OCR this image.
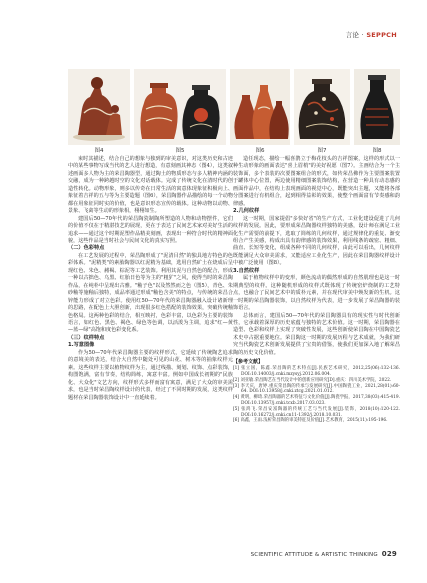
言论 · SEPPCH
图4	图5	图6	图7	图8

束时其描述，结合自己的想象与独到的审美意识，对这类历史和古迹中的某些事物写成当代的艺人进行想造，有意刻画其神态（图4），这类叙述画面多人物为主的荣昌陶器型，通过陶土的物质形态与多人精神内涵的交融，成为一种跨越时空的文化对话载体。完成了传统文化在清时代的创造性转化。动物形象，则多以传奇在日常生活的寓意体现象征积极向上、象征着吉祥的五与等为主要造题（图6），荣昌陶器作品描绘的每一个动物都在用象征同时实的价值，也是意识形态宣传的载体。这种动物以动物、景象、飞禽等生动的形象相，栩栩如生。

建国后50—70年代的荣昌陶瓷制陶所塑造的人物和动物摆件，它们的价值不仅在于精湛技艺的展现，更在于表达了民间艺术家对美好生活的追求——通过这个时期泥塑作品精美刻画，表现出一种符合时代的精神面貌，这些作品是当时社会与民间文化的真实写照。

（二）色彩特点

在工艺发展的过程中，荣昌陶形成了"泥清目然"的独具地方特色的色彩体系。"泥精类"的素胎陶器以红泥精为基础，选用自然矿土在烧成后呈现红色、朱色、赭褐、棕泥等工艺装饰。利用其泥与自然色的配合，形成一种以古拙色、乌黑、红胎日色等为主的"粗犷"之风，使得当时的荣昌陶作品，在纯朴中呈现出古雅。"釉子色"以及然然而之色（图5），青色、朱砂釉等施釉后独特，成品率通过形成"釉色含美"的特点，与传统的荣昌合锌能力形成了对立色彩。使用红50—70年代的荣昌陶器融入设计诸新理的思路，在配色上大胆创新，出现很多红色搭配的装饰效果，突破传统釉色格局。这两种色彩的结合，相互映衬，色彩丰富，以色彩为主要的装饰语言，如红色、黑色、褐色、绿色等色调，以活泼为主调，追求"红—黄—蓝—绿"高饱和度色彩变化系。

（三）纹样特点
1.写意图像

作为50—70年代荣昌陶器主要的纹样形式，它延续了传统陶艺追求的意境美的表达，结合大自然中随处可见的山花、树木等的抽象纹样元素。这些纹样主要以植物纹样为主，通过线描、刻划、纹饰、点彩装饰，构图饱满，富有节奏，结构简练，寓意丰富。例如中国成长初期的"民族化、大众化"文艺方向，纹样形式多样而富有寓意，满足了大众的审美需求，也是当时荣昌陶纹样设计的代表，经过了不同时期的发展，这类纹样题材在荣昌陶器装饰设计中一直延续着。

造任现态，描绘一幅喜鹊立于梅花枝头的吉祥图案，这样的形式以一种生动形象的画面表达"喜上眉梢"的美好祝愿（图7）。主画结合为一个主装饰面，多个表装的次要图案组合的形式，如传荣昌佛作为主要图案装置于罐体中心位置，两边使用精细图案装饰结构，在营造一种具有动态感的画面作品中，在结构上表现画面的视觉中心，既能突出主题，又能将各部分图案进行有机组合，起到相得益彰的效果，使整个画面富有节奏感和韵律感。

2.几何纹样

这一时期，国家提倡"多快好省"的生产方式，工业化建设促进了几何纹样的发展。因此，要形成荣昌陶器纹样独特的美感，设计师在满足工业化生产需要的前提下，选取了简练的几何纹样，通过规律化的重复、渐变组合产生美感，构成出具有韵律感的装饰效果，利用线条的疏密、粗细、曲直、长短等变化，组成各种不同的几何纹样，由此可以看出，几何纹样既能满足大众审美需求，又能适应工业化生产，因此在荣昌陶器纹样设计中被广泛使用（图8）。

3.自然纹样

属于植物纹样中的变形，颜色流动的偶然形成的自然肌理也是这一时期典型的纹样。这种随机形成的纹样式既体现了传统窑炉烧制的工艺特点，也融合了民间艺术中的质朴元素，并在现代审美中焕发新的生机。这一时期的荣昌陶器装饰，以自然纹样为代表，进一步发展了荣昌陶器的装饰语言。

总体而言，建国后50—70年代的荣昌陶器具有的现实性与时代创新性，它承载着深厚的历史底蕴与独特的艺术价值。这一时期，荣昌陶器在造型、色彩和纹样上实现了突破性发展，这些创新使荣昌陶在中国陶瓷艺术史中占据重要地位。荣昌陶这一时期的发展历程与艺术成就，为我们研究当代陶瓷艺术创新发展提供了宝贵的借鉴，使我们更加深入地了解荣昌陶的历史文化价值。

【参考文献】
[1] 张立国，陈鑫.荣昌陶的艺术特点[J].民族艺术研究，2012,25(06):132-136. DOI:10.14003/j.cnki.mzysyj.2012.06.004.
[2] 刘亚敏.荣昌陶艺在当代设计中的创新应用研究[D].重庆：四川美术学院，2022.
[3] 李天庆，唐婷.重庆荣昌陶的传承与发展研究[J].中国陶瓷工业，2021,28(01):60-64. DOI:10.13958/j.cnki.ztcg.2021.01.012.
[4] 黄明，柳琦.荣昌陶器的艺术特征与文化价值[J].陶瓷学报，2017,38(03):415-419. DOI:10.13957/j.cnki.tcxb.2017.03.023.
[5] 张鸿飞.荣昌安富陶器的传统工艺与当代发展[J].装饰，2018(10):120-122. DOI:10.16272/j.cnki.cn11-1392/j.2018.10.031.
[6] 高鑫，王雨.浅析荣昌陶的审美特征及价值[J].艺术教育，2015(11):195-196.
SCIENTIFIC ATTITUDE & ARTISTIC THINKING 029
